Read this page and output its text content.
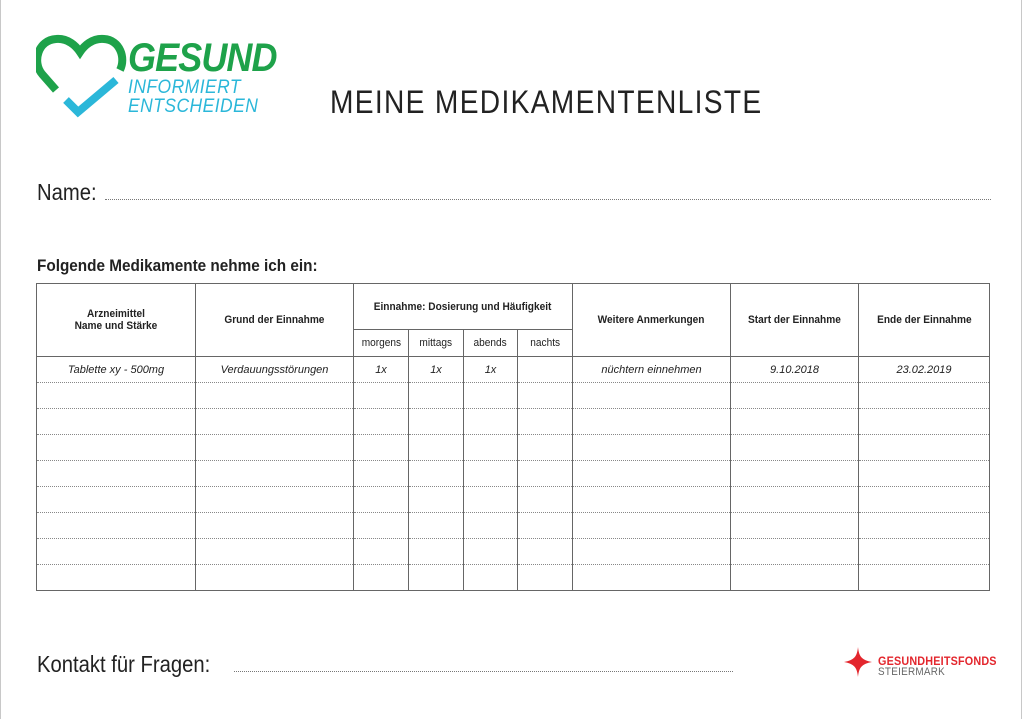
GESUND
INFORMIERT
ENTSCHEIDEN MEINE MEDIKAMENTENLISTE
Name:
Folgende Medikamente nehme ich ein:
Arzneimittel
Name und Stärke	Grund der Einnahme	Einnahme: Dosierung und Häufigkeit				Weitere Anmerkungen	Start der Einnahme	Ende der Einnahme
		morgens	mittags	abends	nachts			
Tablette xy - 500mg	Verdauungsstörungen	1x	1x	1x		nüchtern einnehmen	9.10.2018	23.02.2019

Kontakt für Fragen:	GESUNDHEITSFONDS
STEIERMARK
